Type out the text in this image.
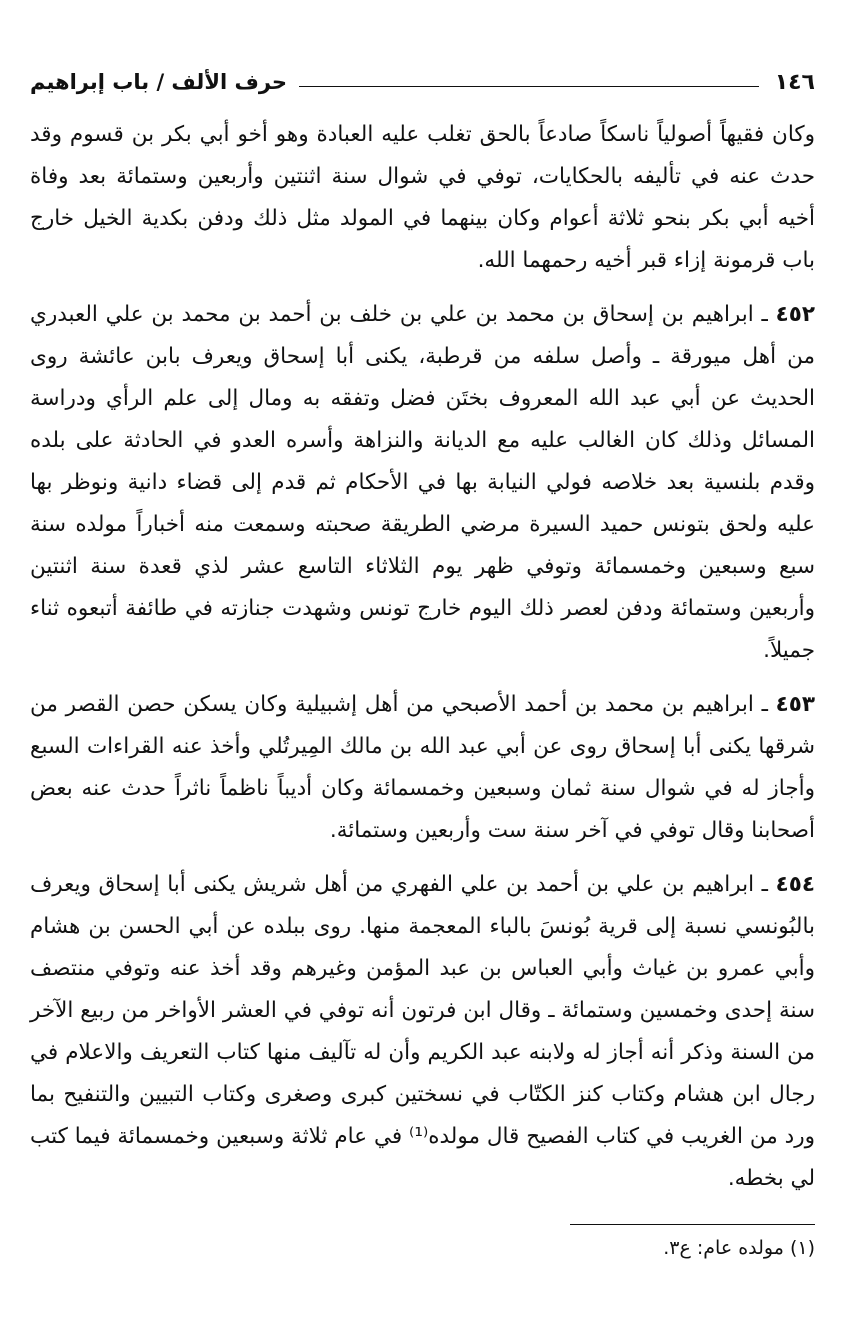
١٤٦
حرف الألف / باب إبراهيم

وكان فقيهاً أصولياً ناسكاً صادعاً بالحق تغلب عليه العبادة وهو أخو أبي بكر بن قسوم وقد حدث عنه في تأليفه بالحكايات، توفي في شوال سنة اثنتين وأربعين وستمائة بعد وفاة أخيه أبي بكر بنحو ثلاثة أعوام وكان بينهما في المولد مثل ذلك ودفن بكدية الخيل خارج باب قرمونة إزاء قبر أخيه رحمهما الله.

٤٥٢ ـ ابراهيم بن إسحاق بن محمد بن علي بن خلف بن أحمد بن محمد بن علي العبدري من أهل ميورقة ـ وأصل سلفه من قرطبة، يكنى أبا إسحاق ويعرف بابن عائشة روى الحديث عن أبي عبد الله المعروف بختَن فضل وتفقه به ومال إلى علم الرأي ودراسة المسائل وذلك كان الغالب عليه مع الديانة والنزاهة وأسره العدو في الحادثة على بلده وقدم بلنسية بعد خلاصه فولي النيابة بها في الأحكام ثم قدم إلى قضاء دانية ونوظر بها عليه ولحق بتونس حميد السيرة مرضي الطريقة صحبته وسمعت منه أخباراً مولده سنة سبع وسبعين وخمسمائة وتوفي ظهر يوم الثلاثاء التاسع عشر لذي قعدة سنة اثنتين وأربعين وستمائة ودفن لعصر ذلك اليوم خارج تونس وشهدت جنازته في طائفة أتبعوه ثناء جميلاً.

٤٥٣ ـ ابراهيم بن محمد بن أحمد الأصبحي من أهل إشبيلية وكان يسكن حصن القصر من شرقها يكنى أبا إسحاق روى عن أبي عبد الله بن مالك المِيرتُلي وأخذ عنه القراءات السبع وأجاز له في شوال سنة ثمان وسبعين وخمسمائة وكان أديباً ناظماً ناثراً حدث عنه بعض أصحابنا وقال توفي في آخر سنة ست وأربعين وستمائة.

٤٥٤ ـ ابراهيم بن علي بن أحمد بن علي الفهري من أهل شريش يكنى أبا إسحاق ويعرف بالبُونسي نسبة إلى قرية بُونسَ بالباء المعجمة منها. روى ببلده عن أبي الحسن بن هشام وأبي عمرو بن غياث وأبي العباس بن عبد المؤمن وغيرهم وقد أخذ عنه وتوفي منتصف سنة إحدى وخمسين وستمائة ـ وقال ابن فرتون أنه توفي في العشر الأواخر من ربيع الآخر من السنة وذكر أنه أجاز له ولابنه عبد الكريم وأن له تآليف منها كتاب التعريف والاعلام في رجال ابن هشام وكتاب كنز الكتّاب في نسختين كبرى وصغرى وكتاب التبيين والتنفيح بما ورد من الغريب في كتاب الفصيح قال مولده⁽¹⁾ في عام ثلاثة وسبعين وخمسمائة فيما كتب لي بخطه.

(١) مولده عام: ع٣.
